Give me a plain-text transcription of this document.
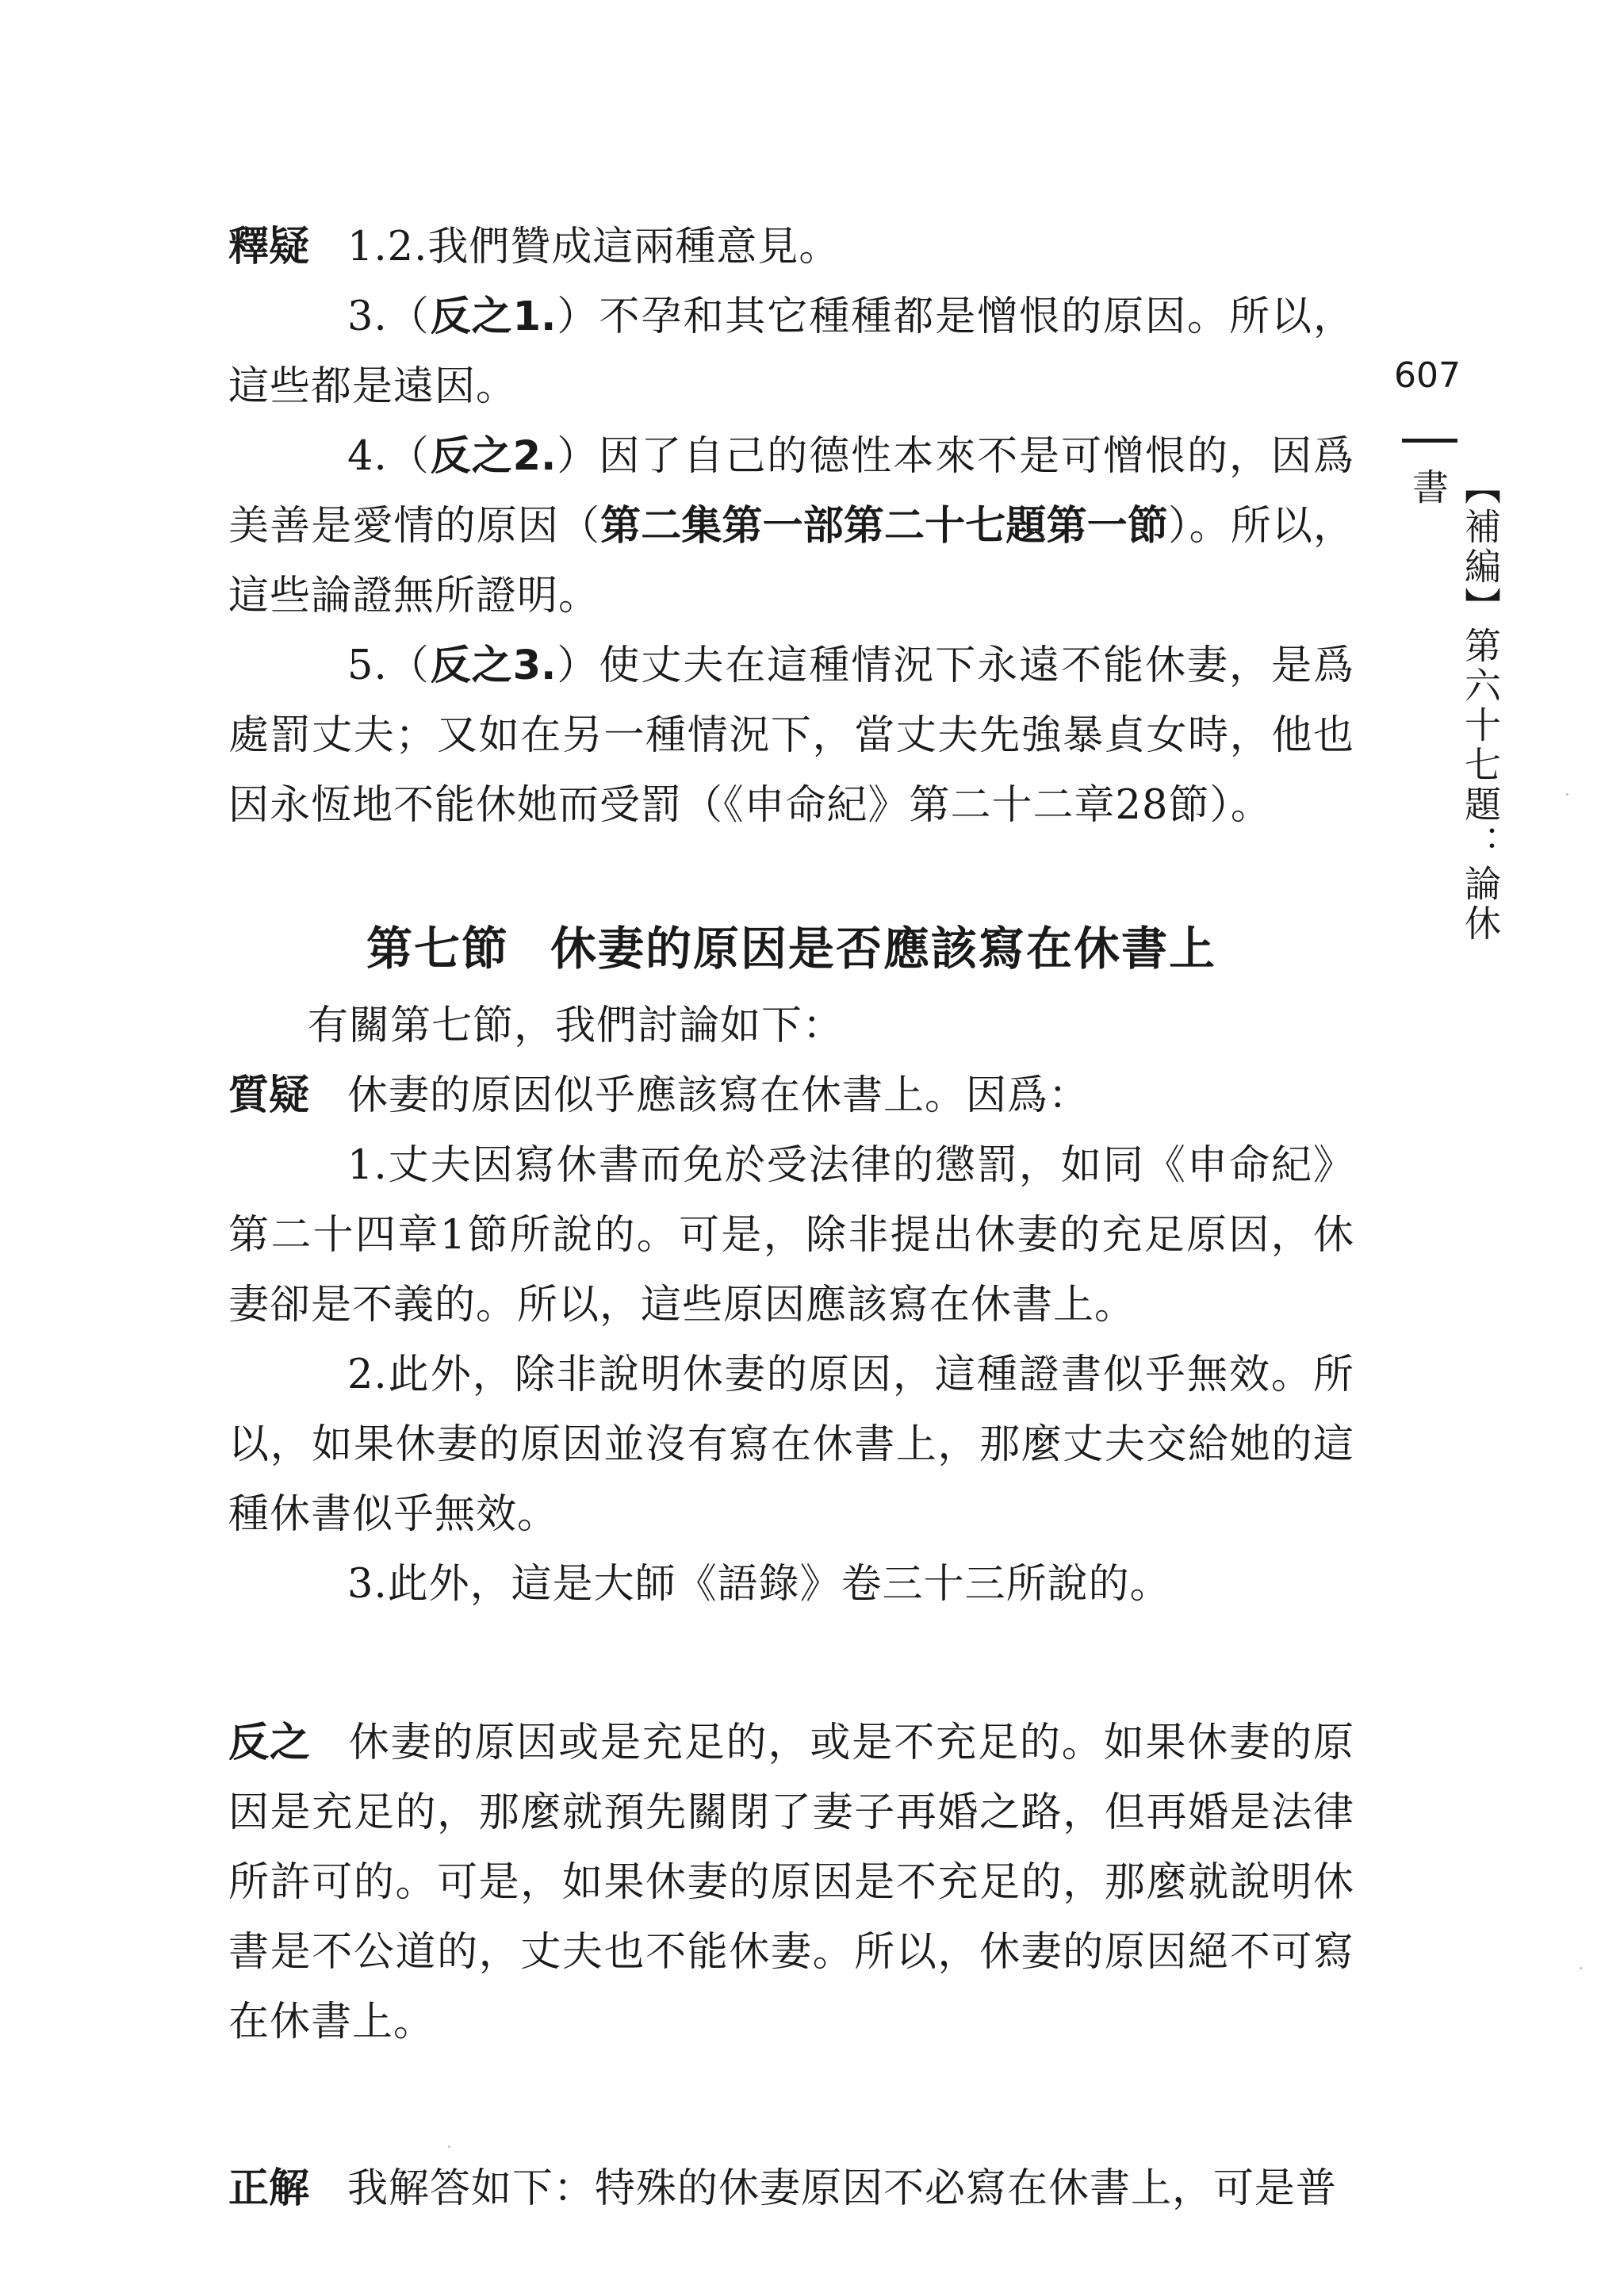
釋疑 1.2.我們贊成這兩種意見。

3.（反之1.）不孕和其它種種都是憎恨的原因。所以，這些都是遠因。

4.（反之2.）因了自己的德性本來不是可憎恨的，因爲美善是愛情的原因（第二集第一部第二十七題第一節）。所以，這些論證無所證明。

5.（反之3.）使丈夫在這種情況下永遠不能休妻，是爲處罰丈夫；又如在另一種情況下，當丈夫先強暴貞女時，他也因永恆地不能休她而受罰（《申命紀》第二十二章28節）。

第七節 休妻的原因是否應該寫在休書上

有關第七節，我們討論如下：

質疑 休妻的原因似乎應該寫在休書上。因爲：

1.丈夫因寫休書而免於受法律的懲罰，如同《申命紀》第二十四章1節所說的。可是，除非提出休妻的充足原因，休妻卻是不義的。所以，這些原因應該寫在休書上。

2.此外，除非說明休妻的原因，這種證書似乎無效。所以，如果休妻的原因並沒有寫在休書上，那麼丈夫交給她的這種休書似乎無效。

3.此外，這是大師《語錄》卷三十三所說的。

反之 休妻的原因或是充足的，或是不充足的。如果休妻的原因是充足的，那麼就預先關閉了妻子再婚之路，但再婚是法律所許可的。可是，如果休妻的原因是不充足的，那麼就說明休書是不公道的，丈夫也不能休妻。所以，休妻的原因絕不可寫在休書上。

正解 我解答如下：特殊的休妻原因不必寫在休書上，可是普

607
【補編】第六十七題：論休書
